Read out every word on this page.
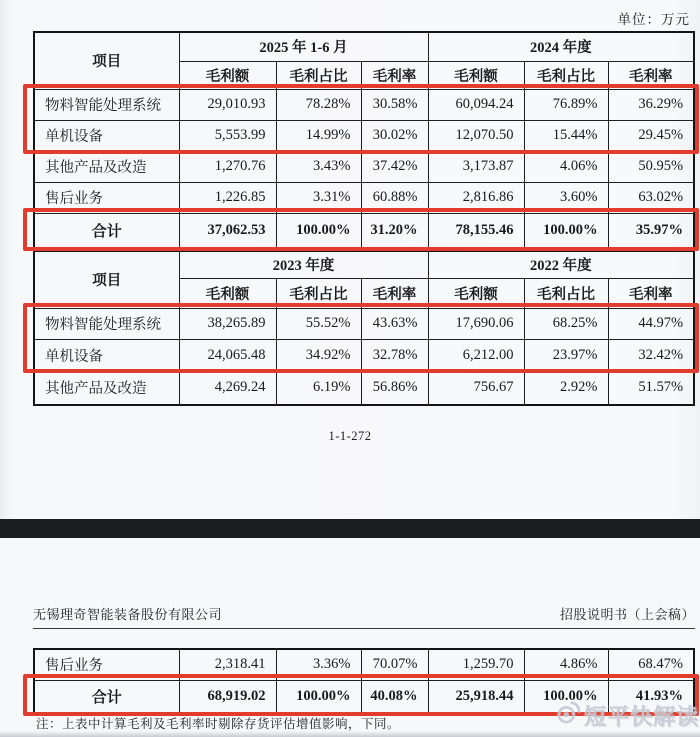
单位：万元
项目	2025 年 1-6 月			2024 年度		
	毛利额	毛利占比	毛利率	毛利额	毛利占比	毛利率
物料智能处理系统	29,010.93	78.28%	30.58%	60,094.24	76.89%	36.29%
单机设备	5,553.99	14.99%	30.02%	12,070.50	15.44%	29.45%
其他产品及改造	1,270.76	3.43%	37.42%	3,173.87	4.06%	50.95%
售后业务	1,226.85	3.31%	60.88%	2,816.86	3.60%	63.02%
合计	37,062.53	100.00%	31.20%	78,155.46	100.00%	35.97%
项目	2023 年度			2022 年度		
	毛利额	毛利占比	毛利率	毛利额	毛利占比	毛利率
物料智能处理系统	38,265.89	55.52%	43.63%	17,690.06	68.25%	44.97%
单机设备	24,065.48	34.92%	32.78%	6,212.00	23.97%	32.42%
其他产品及改造	4,269.24	6.19%	56.86%	756.67	2.92%	51.57%
1-1-272
无锡理奇智能装备股份有限公司	招股说明书（上会稿）
售后业务	2,318.41	3.36%	70.07%	1,259.70	4.86%	68.47%
合计	68,919.02	100.00%	40.08%	25,918.44	100.00%	41.93%
注：上表中计算毛利及毛利率时剔除存货评估增值影响，下同。	短平快解读
